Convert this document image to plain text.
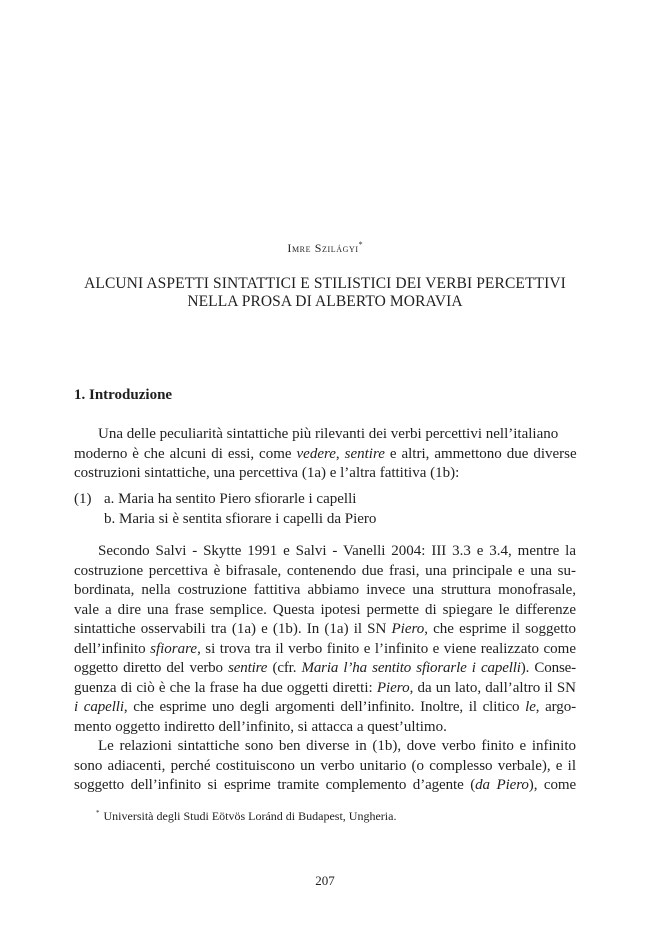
Imre Szilágyi*
ALCUNI ASPETTI SINTATTICI E STILISTICI DEI VERBI PERCETTIVI
NELLA PROSA DI ALBERTO MORAVIA
1. Introduzione
Una delle peculiarità sintattiche più rilevanti dei verbi percettivi nell’italiano
moderno è che alcuni di essi, come vedere, sentire e altri, ammettono due diverse
costruzioni sintattiche, una percettiva (1a) e l’altra fattitiva (1b):
(1) a. Maria ha sentito Piero sfiorarle i capelli
b. Maria si è sentita sfiorare i capelli da Piero
Secondo Salvi - Skytte 1991 e Salvi - Vanelli 2004: III 3.3 e 3.4, mentre la
costruzione percettiva è bifrasale, contenendo due frasi, una principale e una su-
bordinata, nella costruzione fattitiva abbiamo invece una struttura monofrasale,
vale a dire una frase semplice. Questa ipotesi permette di spiegare le differenze
sintattiche osservabili tra (1a) e (1b). In (1a) il SN Piero, che esprime il soggetto
dell’infinito sfiorare, si trova tra il verbo finito e l’infinito e viene realizzato come
oggetto diretto del verbo sentire (cfr. Maria l’ha sentito sfiorarle i capelli). Conse-
guenza di ciò è che la frase ha due oggetti diretti: Piero, da un lato, dall’altro il SN
i capelli, che esprime uno degli argomenti dell’infinito. Inoltre, il clitico le, argo-
mento oggetto indiretto dell’infinito, si attacca a quest’ultimo.
Le relazioni sintattiche sono ben diverse in (1b), dove verbo finito e infinito
sono adiacenti, perché costituiscono un verbo unitario (o complesso verbale), e il
soggetto dell’infinito si esprime tramite complemento d’agente (da Piero), come
* Università degli Studi Eötvös Loránd di Budapest, Ungheria.
207
